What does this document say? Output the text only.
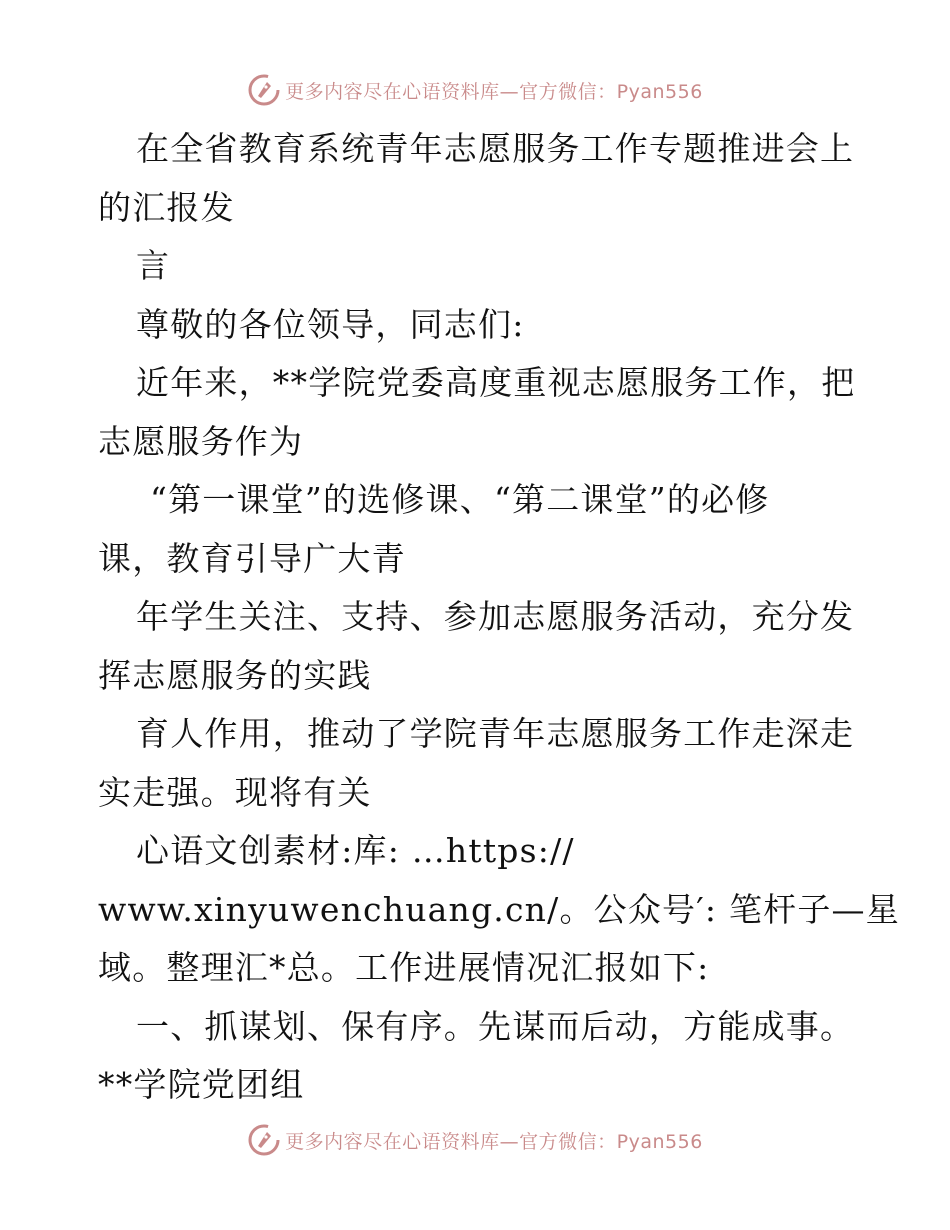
更多内容尽在心语资料库—官方微信：Pyan556
在全省教育系统青年志愿服务工作专题推进会上
的汇报发
言
尊敬的各位领导，同志们:
近年来，**学院党委高度重视志愿服务工作，把
志愿服务作为
“第一课堂”的选修课、“第二课堂”的必修
课，教育引导广大青
年学生关注、支持、参加志愿服务活动，充分发
挥志愿服务的实践
育人作用，推动了学院青年志愿服务工作走深走
实走强。现将有关
心语文创素材:库: …https://
www.xinyuwenchuang.cn/。公众号′: 笔杆子—星
域。整理汇*总。工作进展情况汇报如下:
一、抓谋划、保有序。先谋而后动，方能成事。
**学院党团组
更多内容尽在心语资料库—官方微信：Pyan556
